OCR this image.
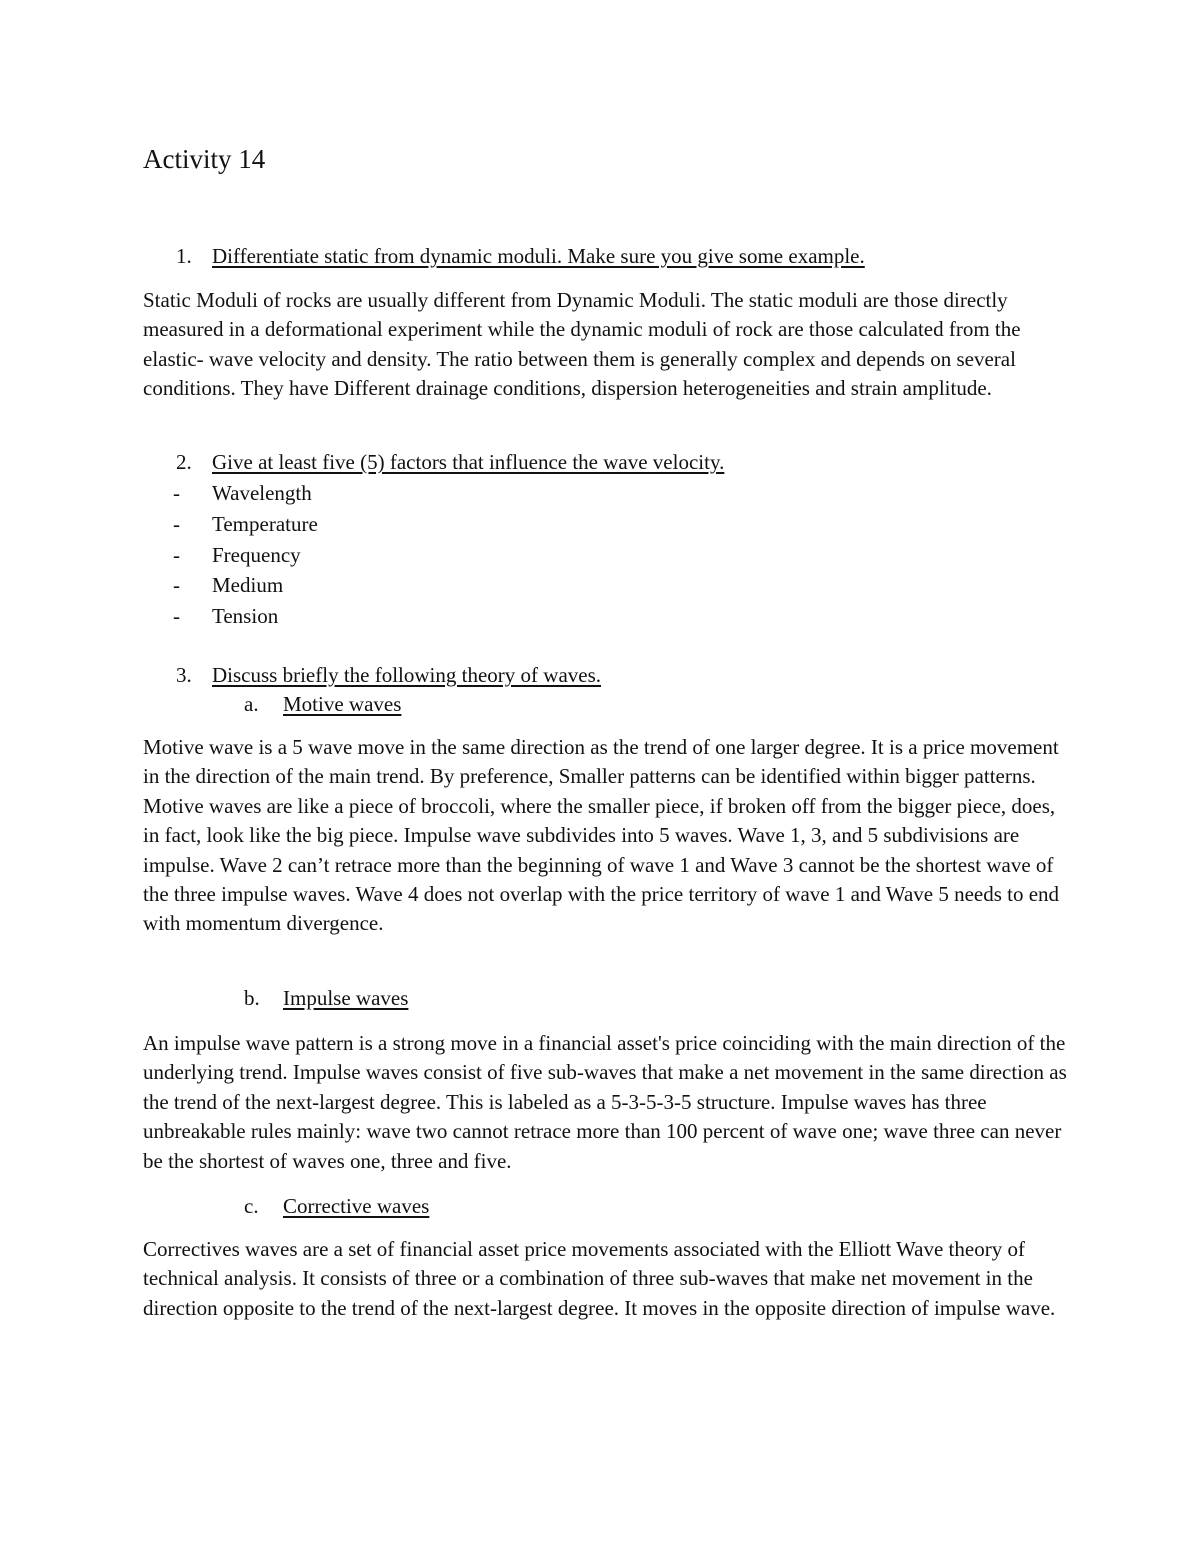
Activity 14
1. Differentiate static from dynamic moduli. Make sure you give some example.

Static Moduli of rocks are usually different from Dynamic Moduli. The static moduli are those directly measured in a deformational experiment while the dynamic moduli of rock are those calculated from the elastic- wave velocity and density. The ratio between them is generally complex and depends on several conditions. They have Different drainage conditions, dispersion heterogeneities and strain amplitude.

2. Give at least five (5) factors that influence the wave velocity.
- Wavelength
- Temperature
- Frequency
- Medium
- Tension
3. Discuss briefly the following theory of waves.
a. Motive waves

Motive wave is a 5 wave move in the same direction as the trend of one larger degree. It is a price movement in the direction of the main trend. By preference, Smaller patterns can be identified within bigger patterns. Motive waves are like a piece of broccoli, where the smaller piece, if broken off from the bigger piece, does, in fact, look like the big piece. Impulse wave subdivides into 5 waves. Wave 1, 3, and 5 subdivisions are impulse. Wave 2 can’t retrace more than the beginning of wave 1 and Wave 3 cannot be the shortest wave of the three impulse waves. Wave 4 does not overlap with the price territory of wave 1 and Wave 5 needs to end with momentum divergence.

b. Impulse waves

An impulse wave pattern is a strong move in a financial asset's price coinciding with the main direction of the underlying trend. Impulse waves consist of five sub-waves that make a net movement in the same direction as the trend of the next-largest degree. This is labeled as a 5-3-5-3-5 structure. Impulse waves has three unbreakable rules mainly: wave two cannot retrace more than 100 percent of wave one; wave three can never be the shortest of waves one, three and five.

c. Corrective waves

Correctives waves are a set of financial asset price movements associated with the Elliott Wave theory of technical analysis. It consists of three or a combination of three sub-waves that make net movement in the direction opposite to the trend of the next-largest degree. It moves in the opposite direction of impulse wave.
